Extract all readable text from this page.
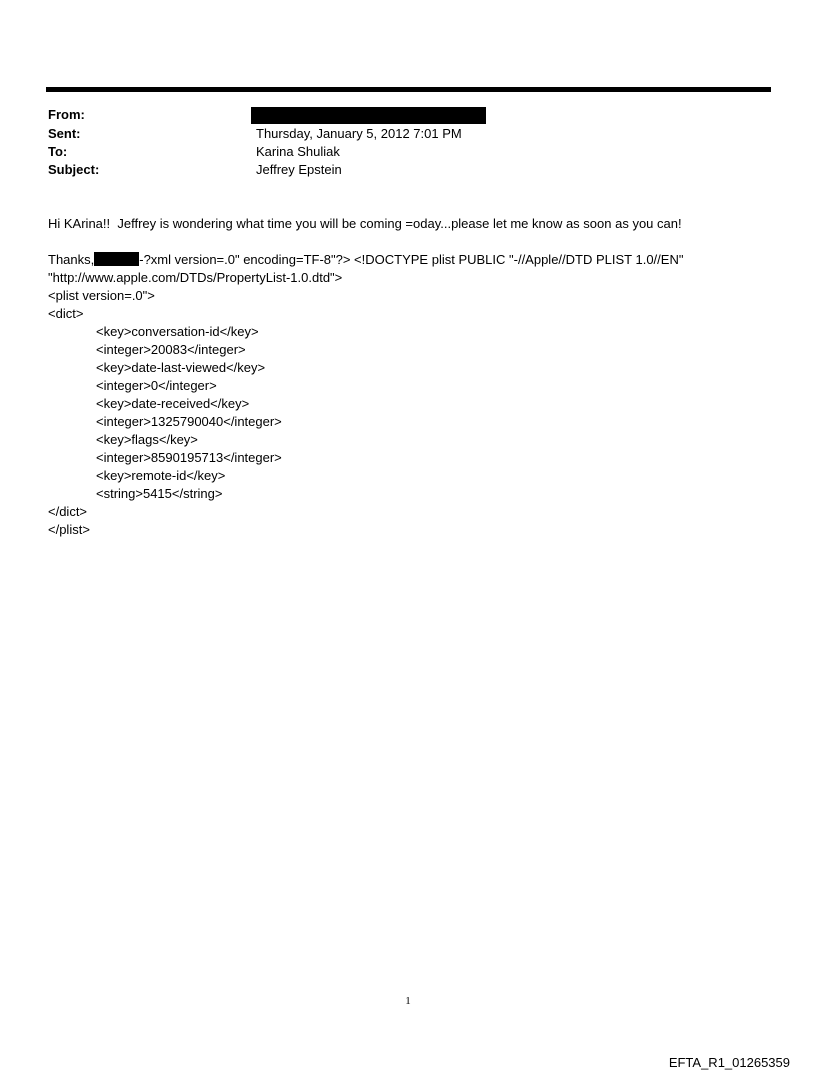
From:
Sent:	Thursday, January 5, 2012 7:01 PM
To:	Karina Shuliak
Subject:	Jeffrey Epstein
Hi KArina!!  Jeffrey is wondering what time you will be coming =oday...please let me know as soon as you can!
Thanks,	-?xml version=.0" encoding=TF-8"?> <!DOCTYPE plist PUBLIC "-//Apple//DTD PLIST 1.0//EN"
"http://www.apple.com/DTDs/PropertyList-1.0.dtd">
<plist version=.0">
<dict>
<key>conversation-id</key>
<integer>20083</integer>
<key>date-last-viewed</key>
<integer>0</integer>
<key>date-received</key>
<integer>1325790040</integer>
<key>flags</key>
<integer>8590195713</integer>
<key>remote-id</key>
<string>5415</string>
</dict>
</plist>
1
EFTA_R1_01265359
